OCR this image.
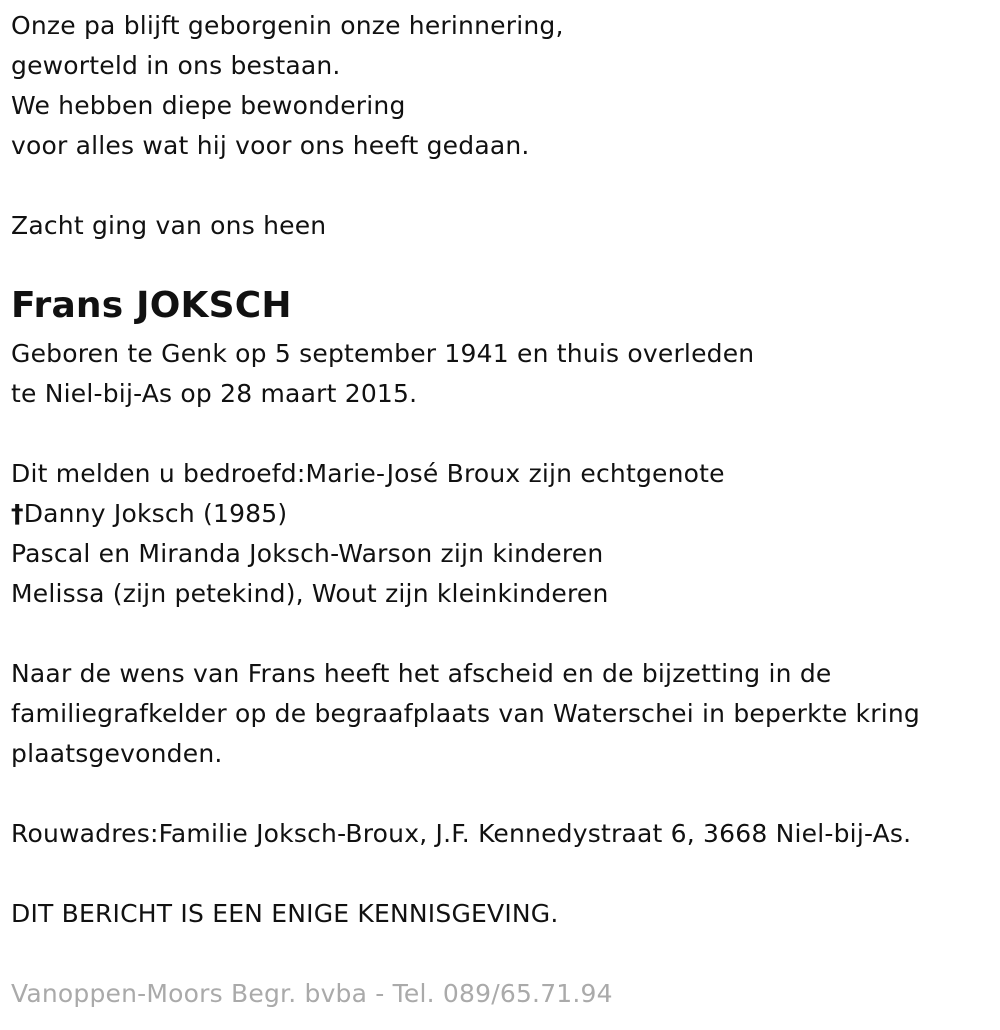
Onze pa blijft geborgenin onze herinnering,
geworteld in ons bestaan.
We hebben diepe bewondering
voor alles wat hij voor ons heeft gedaan.
Zacht ging van ons heen
Frans JOKSCH
Geboren te Genk op 5 september 1941 en thuis overleden
te Niel-bij-As op 28 maart 2015.
Dit melden u bedroefd:Marie-José Broux zijn echtgenote
†Danny Joksch (1985)
Pascal en Miranda Joksch-Warson zijn kinderen
Melissa (zijn petekind), Wout zijn kleinkinderen
Naar de wens van Frans heeft het afscheid en de bijzetting in de
familiegrafkelder op de begraafplaats van Waterschei in beperkte kring
plaatsgevonden.
Rouwadres:Familie Joksch-Broux, J.F. Kennedystraat 6, 3668 Niel-bij-As.
DIT BERICHT IS EEN ENIGE KENNISGEVING.
Vanoppen-Moors Begr. bvba - Tel. 089/65.71.94
